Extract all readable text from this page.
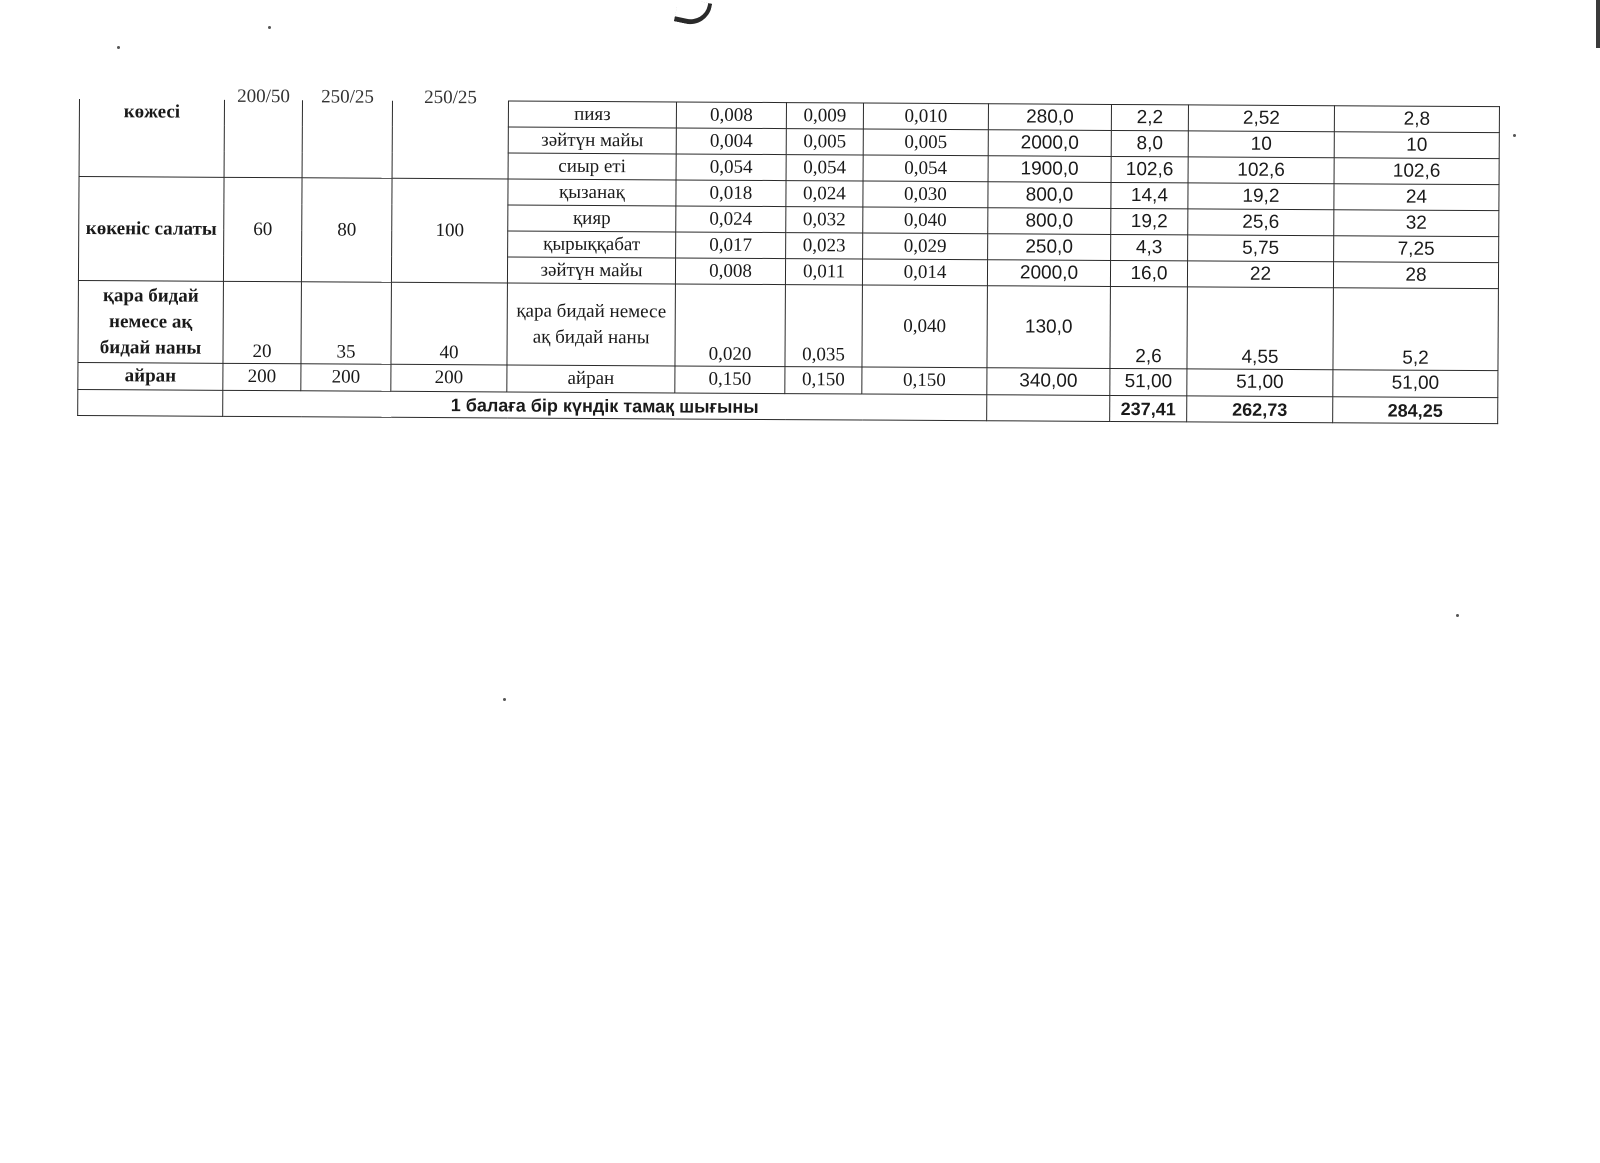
көжесі	200/50	250/25	250/25	пияз	0,008	0,009	0,010	280,0	2,2	2,52	2,8
				зәйтүн майы	0,004	0,005	0,005	2000,0	8,0	10	10
				сиыр еті	0,054	0,054	0,054	1900,0	102,6	102,6	102,6
көкеніс салаты	60	80	100	қызанақ	0,018	0,024	0,030	800,0	14,4	19,2	24
				қияр	0,024	0,032	0,040	800,0	19,2	25,6	32
				қырыққабат	0,017	0,023	0,029	250,0	4,3	5,75	7,25
				зәйтүн майы	0,008	0,011	0,014	2000,0	16,0	22	28
қара бидай немесе ақ бидай наны	20	35	40	қара бидай немесе ақ бидай наны	0,020	0,035	0,040	130,0	2,6	4,55	5,2
айран	200	200	200	айран	0,150	0,150	0,150	340,00	51,00	51,00	51,00
	1 балаға бір күндік тамақ шығыны								237,41	262,73	284,25
